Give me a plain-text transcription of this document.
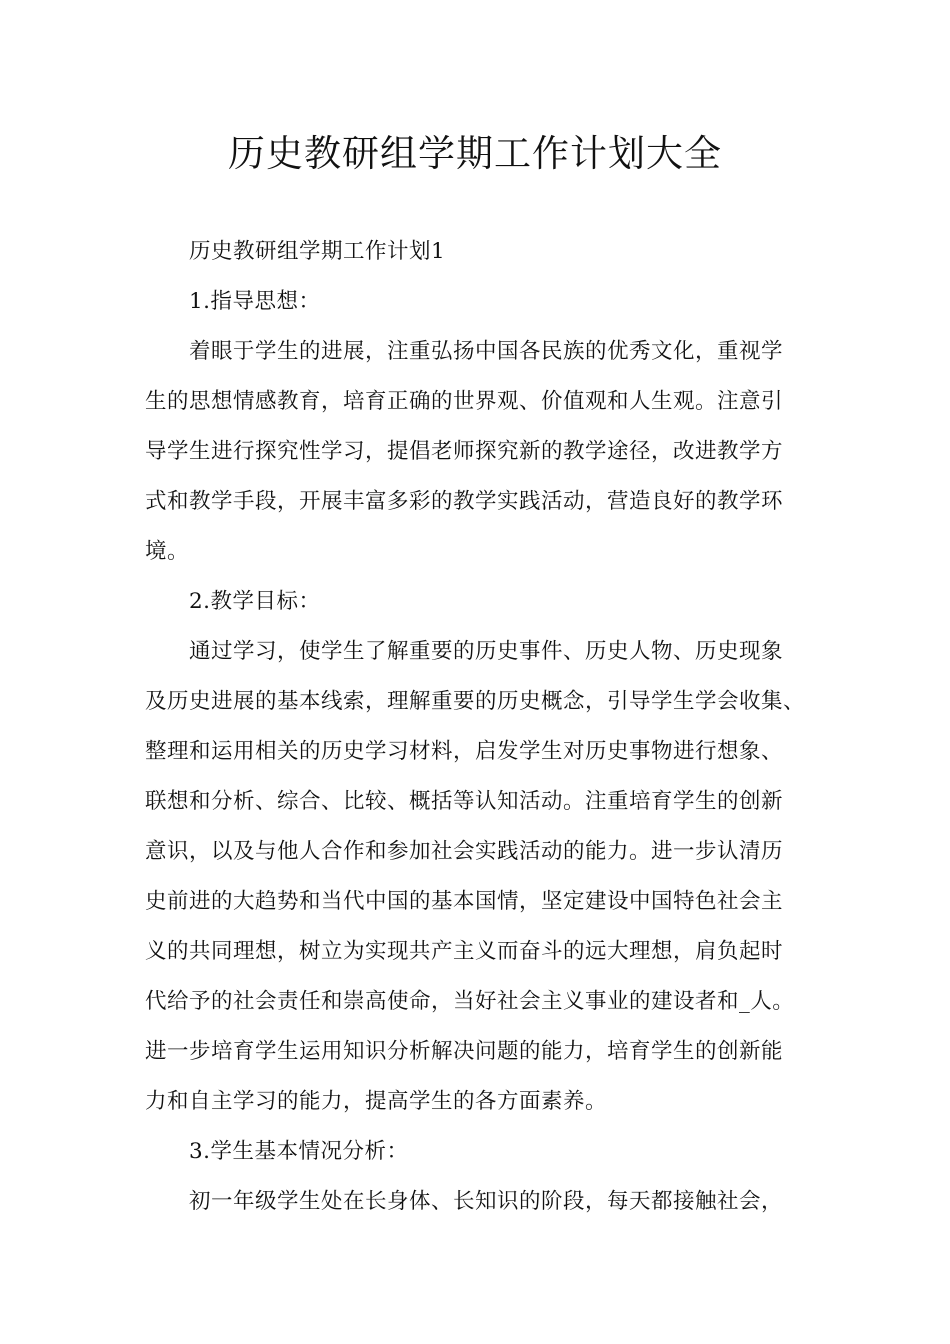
历史教研组学期工作计划大全
历史教研组学期工作计划1
1.指导思想：
着眼于学生的进展，注重弘扬中国各民族的优秀文化，重视学
生的思想情感教育，培育正确的世界观、价值观和人生观。注意引
导学生进行探究性学习，提倡老师探究新的教学途径，改进教学方
式和教学手段，开展丰富多彩的教学实践活动，营造良好的教学环
境。
2.教学目标：
通过学习，使学生了解重要的历史事件、历史人物、历史现象
及历史进展的基本线索，理解重要的历史概念，引导学生学会收集、
整理和运用相关的历史学习材料，启发学生对历史事物进行想象、
联想和分析、综合、比较、概括等认知活动。注重培育学生的创新
意识，以及与他人合作和参加社会实践活动的能力。进一步认清历
史前进的大趋势和当代中国的基本国情，坚定建设中国特色社会主
义的共同理想，树立为实现共产主义而奋斗的远大理想，肩负起时
代给予的社会责任和崇高使命，当好社会主义事业的建设者和_人。
进一步培育学生运用知识分析解决问题的能力，培育学生的创新能
力和自主学习的能力，提高学生的各方面素养。
3.学生基本情况分析：
初一年级学生处在长身体、长知识的阶段，每天都接触社会，
